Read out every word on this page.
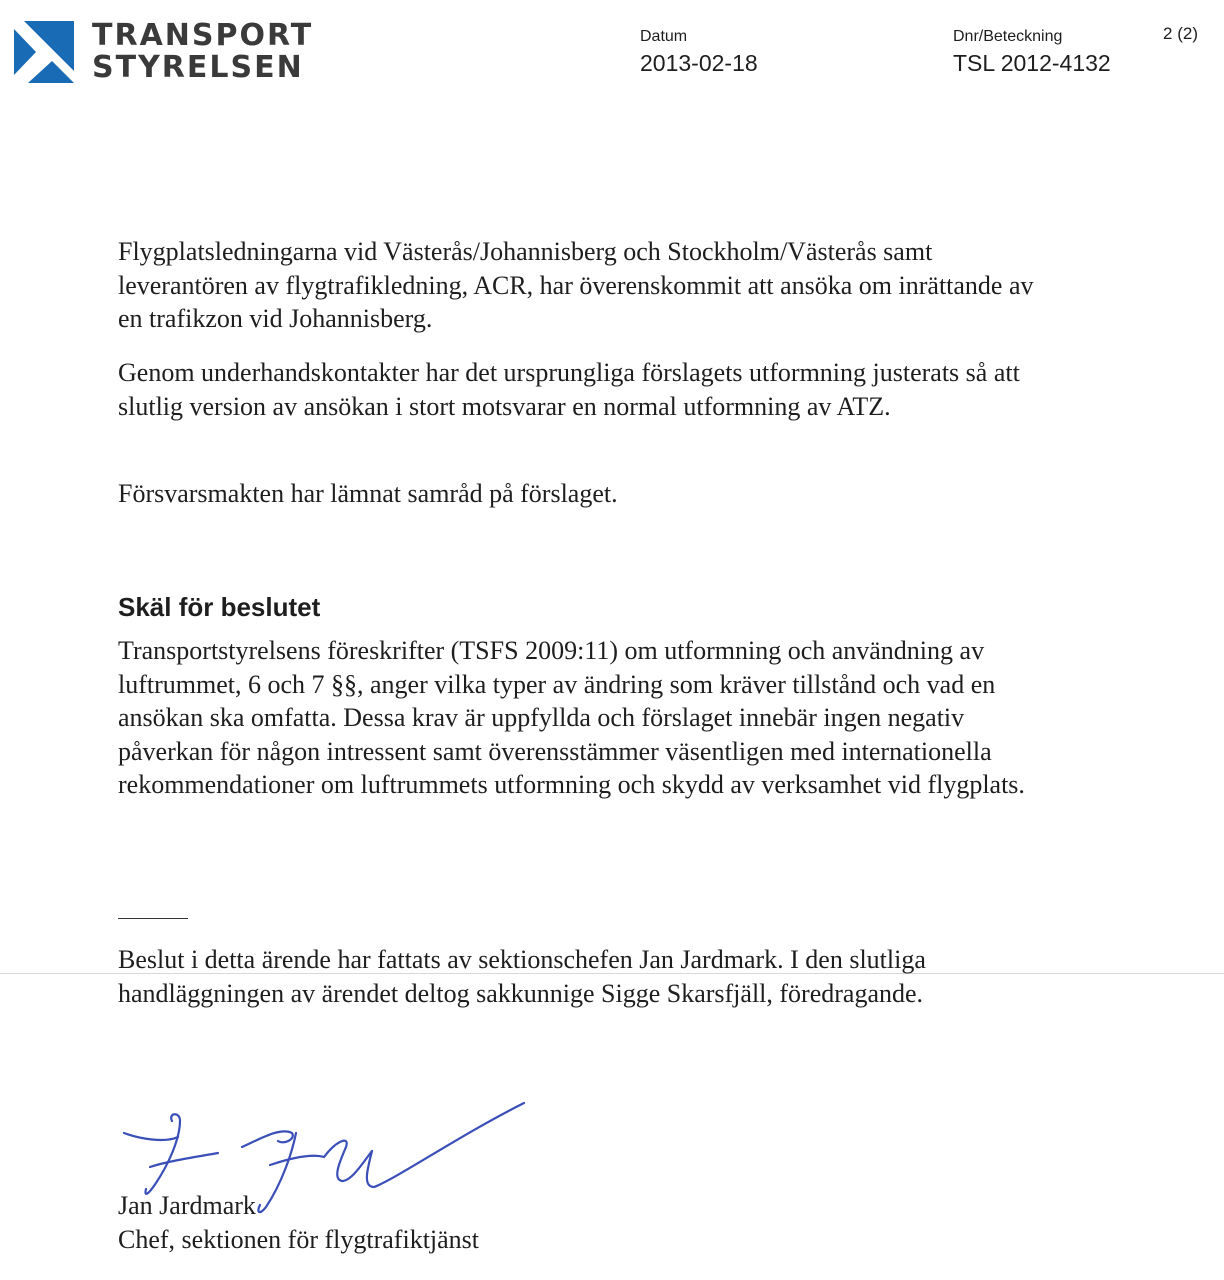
TRANSPORT
STYRELSEN
Datum
2013-02-18
Dnr/Beteckning
TSL 2012-4132
2 (2)

Flygplatsledningarna vid Västerås/Johannisberg och Stockholm/Västerås samt leverantören av flygtrafikledning, ACR, har överenskommit att ansöka om inrättande av en trafikzon vid Johannisberg.

Genom underhandskontakter har det ursprungliga förslagets utformning justerats så att slutlig version av ansökan i stort motsvarar en normal utformning av ATZ.

Försvarsmakten har lämnat samråd på förslaget.

Skäl för beslutet

Transportstyrelsens föreskrifter (TSFS 2009:11) om utformning och användning av luftrummet, 6 och 7 §§, anger vilka typer av ändring som kräver tillstånd och vad en ansökan ska omfatta. Dessa krav är uppfyllda och förslaget innebär ingen negativ påverkan för någon intressent samt överensstämmer väsentligen med internationella rekommendationer om luftrummets utformning och skydd av verksamhet vid flygplats.

Beslut i detta ärende har fattats av sektionschefen Jan Jardmark. I den slutliga handläggningen av ärendet deltog sakkunnige Sigge Skarsfjäll, föredragande.

Jan Jardmark
Chef, sektionen för flygtrafiktjänst
